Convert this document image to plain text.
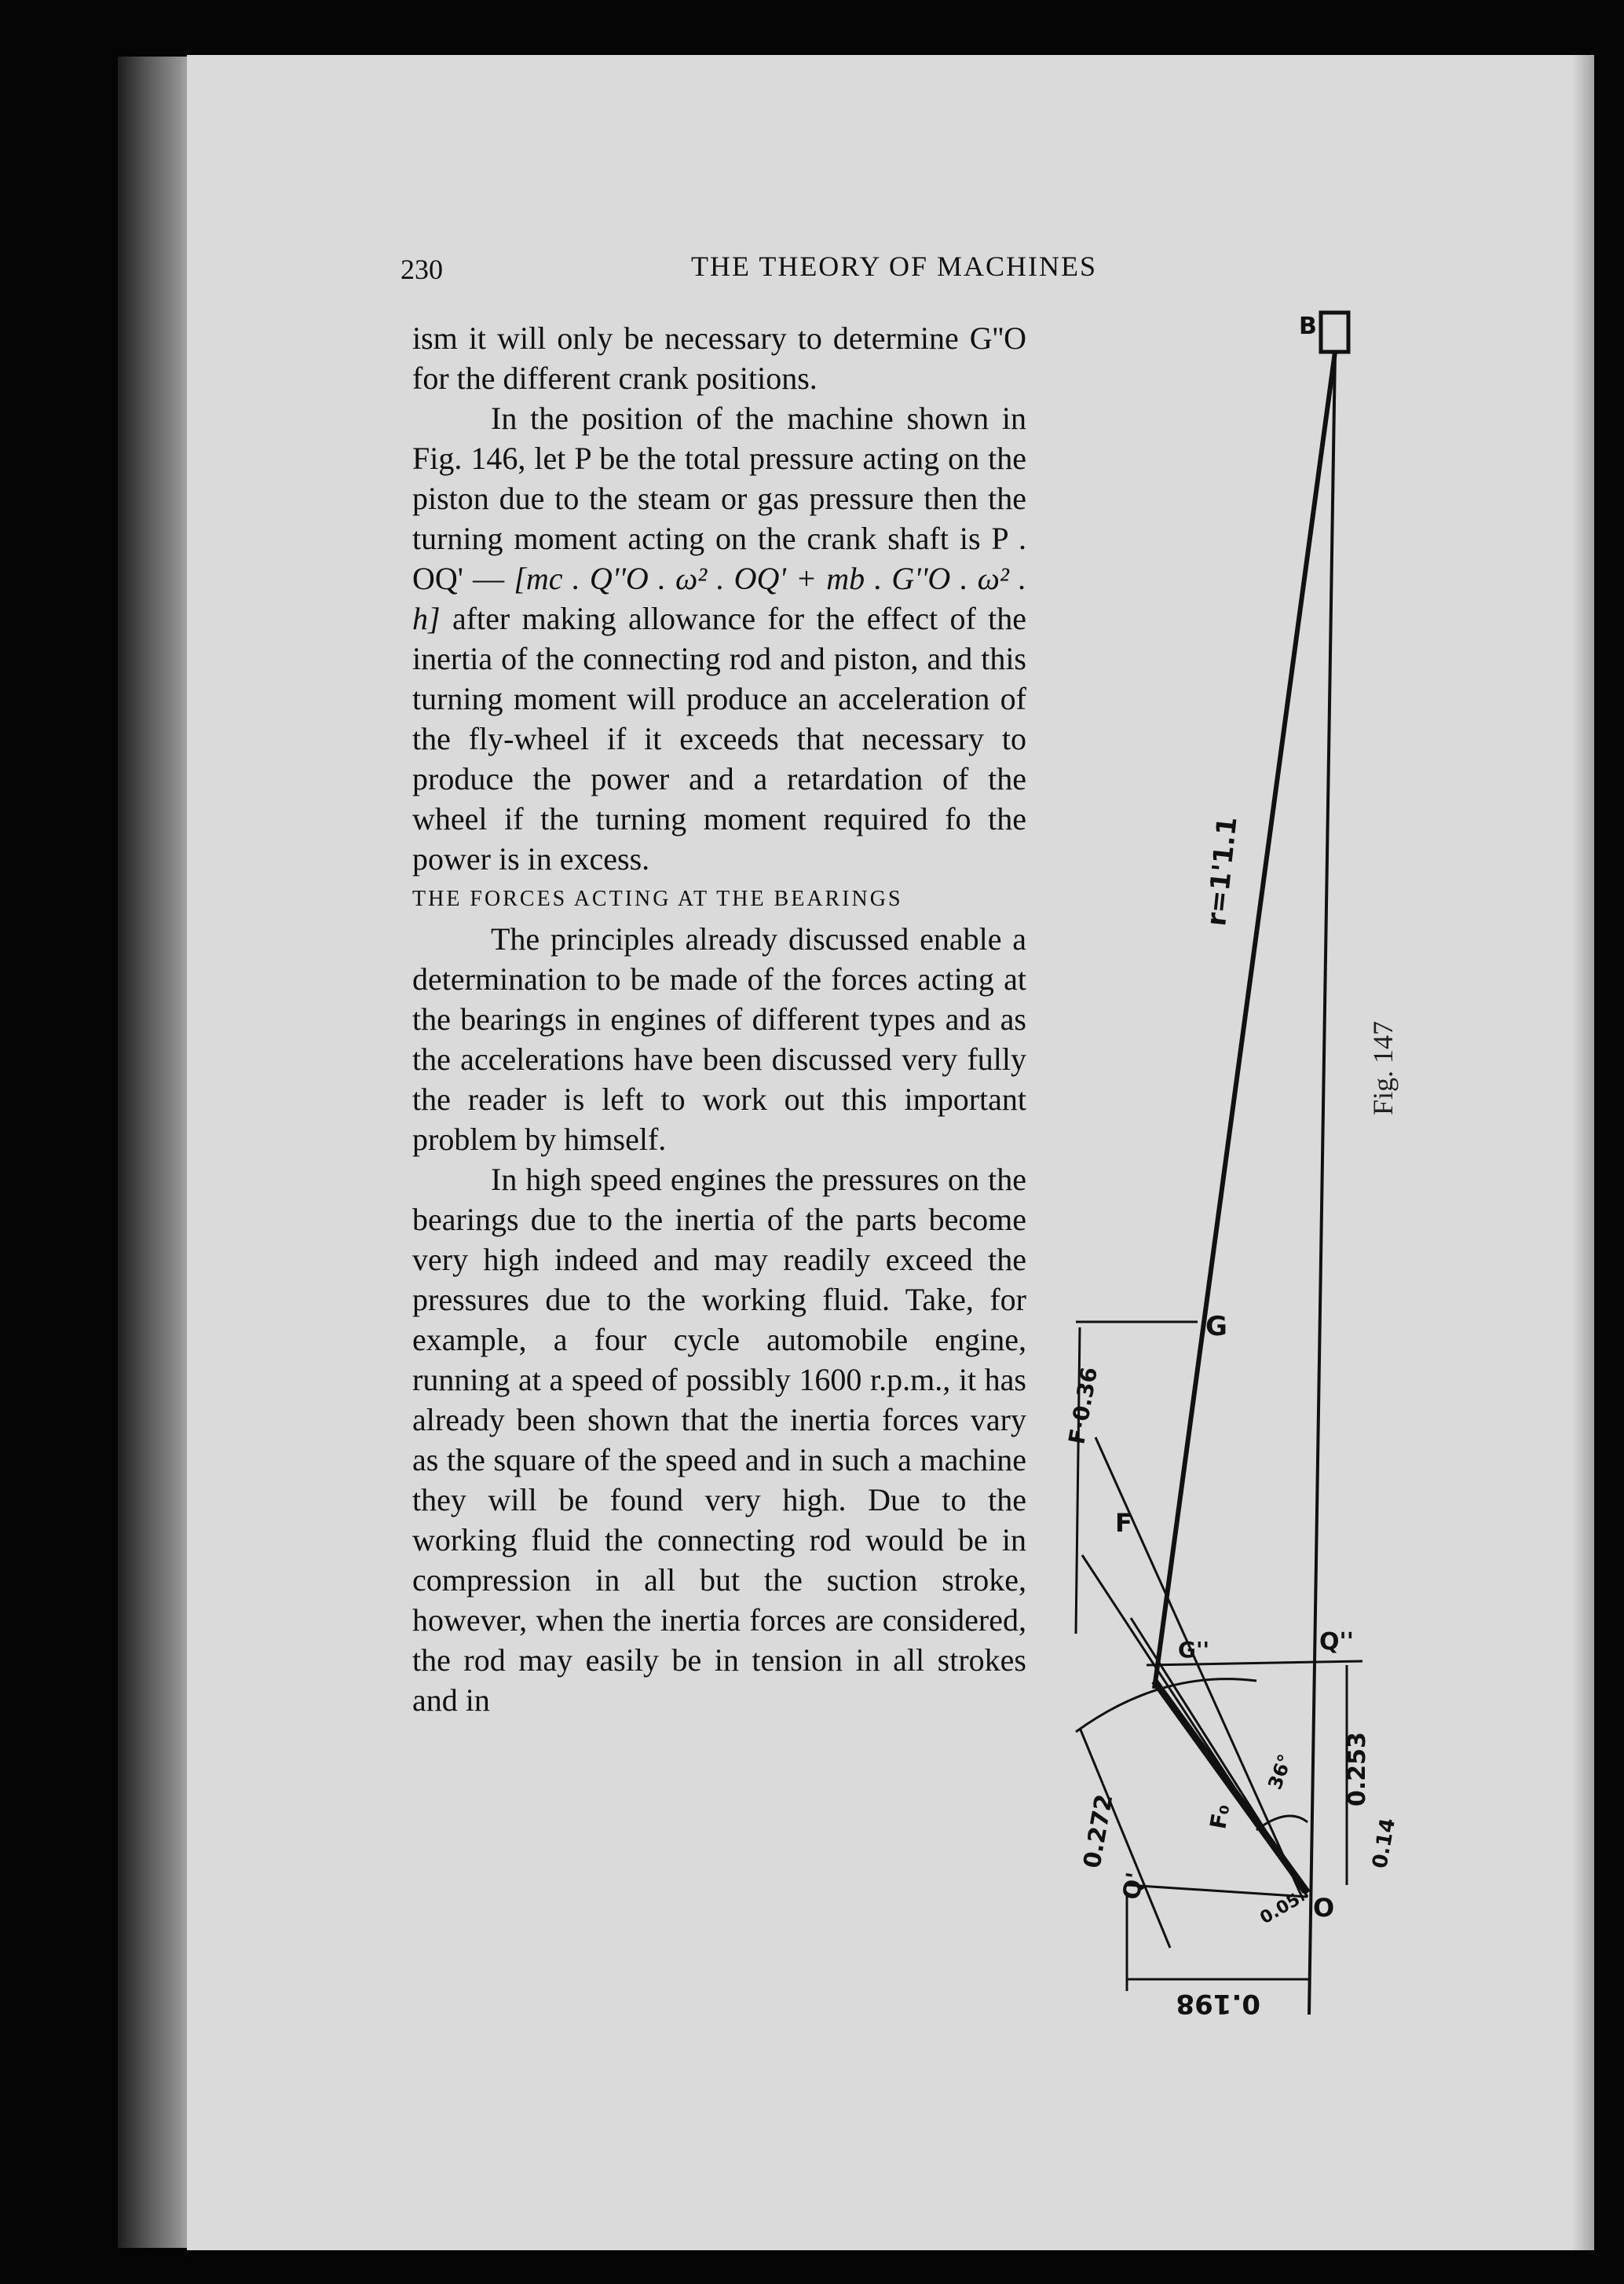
230	THE THEORY OF MACHINES

ism it will only be necessary to determine G''O for the different crank positions.

In the position of the machine shown in Fig. 146, let P be the total pressure acting on the piston due to the steam or gas pressure then the turning moment acting on the crank shaft is P . OQ' — [mc . Q''O . ω² . OQ' + mb . G''O . ω² . h] after making allowance for the effect of the inertia of the connecting rod and piston, and this turning moment will produce an acceleration of the fly-wheel if it exceeds that necessary to produce the power and a retardation of the wheel if the turning moment required fo the power is in excess.

THE FORCES ACTING AT THE BEARINGS

The principles already discussed enable a determination to be made of the forces acting at the bearings in engines of different types and as the accelerations have been discussed very fully the reader is left to work out this important problem by himself.

In high speed engines the pressures on the bearings due to the inertia of the parts become very high indeed and may readily exceed the pressures due to the working fluid. Take, for example, a four cycle automobile engine, running at a speed of possibly 1600 r.p.m., it has already been shown that the inertia forces vary as the square of the speed and in such a machine they will be found very high. Due to the working fluid the connecting rod would be in compression in all but the suction stroke, however, when the inertia forces are considered, the rod may easily be in tension in all strokes and in

Fig. 147
B
r=1'1.1
G
F·0.36
F
Q''
G''
0.253
0.14
36°
F₀
0.272
Q'
O
0.05
0.198
